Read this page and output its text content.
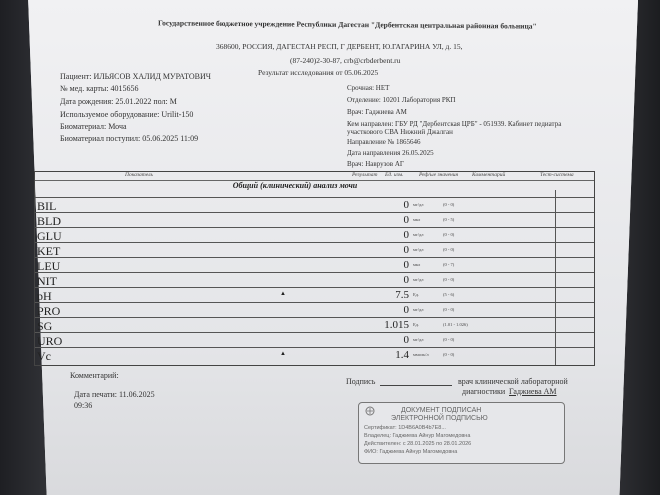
Государственное бюджетное учреждение Республики Дагестан "Дербентская центральная районная больница"
368600, РОССИЯ, ДАГЕСТАН РЕСП, Г ДЕРБЕНТ, Ю.ГАГАРИНА УЛ, д. 15,
(87-240)2-30-87, crb@crbderbent.ru
Результат исследования от 05.06.2025
Пациент: ИЛЬЯСОВ ХАЛИД МУРАТОВИЧ
№ мед. карты: 4015656
Дата рождения: 25.01.2022 пол: М
Используемое оборудование: Urilit-150
Биоматериал: Моча
Биоматериал поступил: 05.06.2025 11:09
Срочная: НЕТ
Отделение: 10201 Лаборатория РКП
Врач: Гаджиева АМ
Кем направлен: ГБУ РД "Дербентская ЦРБ" - 051939. Кабинет педиатра
участкового СВА Нижний Джалган
Направление № 1865646
Дата направления 26.05.2025
Врач: Наврузов АГ
Показатель	Результат Ед. изм.	Реф/ые значения	Комментарий	Тест-система
Общий (клинический) анализ мочи
BIL	0 мг/дл	(0 - 0)
BLD	0 мкл	(0 - 5)
GLU	0 мг/дл	(0 - 0)
KET	0 мг/дл	(0 - 0)
LEU	0 мкл	(0 - 7)
NIT	0 мг/дл	(0 - 0)
pH	▲	7.5 Ед.	(5 - 6)
PRO	0 мг/дл	(0 - 0)
SG	1.015 Ед.	(1.01 - 1.026)
URO	0 мг/дл	(0 - 0)
Vc	▲	1.4 ммоль/л	(0 - 0)
Комментарий:
Дата печати: 11.06.2025
09:36
Подпись	врач клинической лабораторной
диагностики Гаджиева АМ
ДОКУМЕНТ ПОДПИСАН
ЭЛЕКТРОННОЙ ПОДПИСЬЮ
Сертификат: 1D4B6A0B4b7E8...
Владелец: Гаджиева Айнур Магомедовна
Действителен: с 28.01.2025 по 28.01.2026
ФИО: Гаджиева Айнур Магомедовна
